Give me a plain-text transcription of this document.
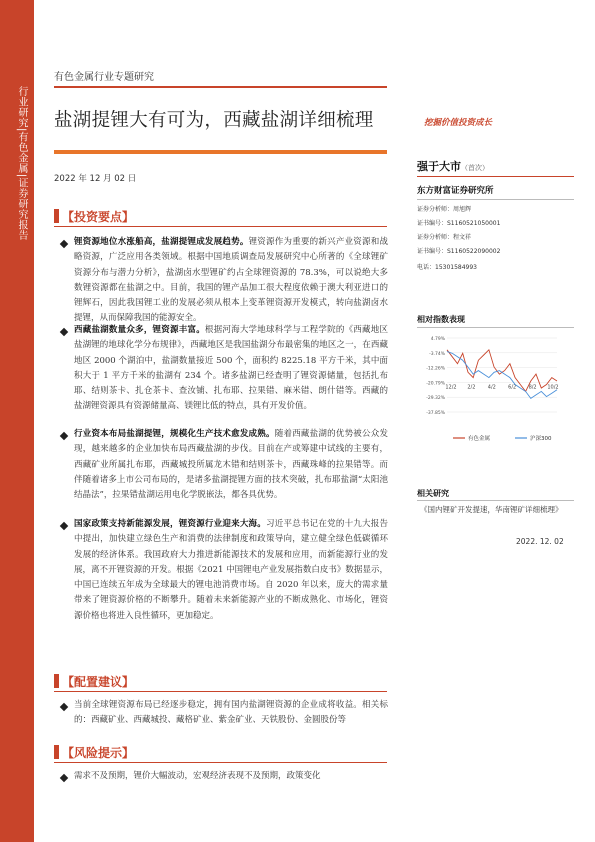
行业研究|有色金属|证券研究报告
有色金属行业专题研究
盐湖提锂大有可为，西藏盐湖详细梳理	挖掘价值投资成长
2022 年 12 月 02 日
【投资要点】
锂资源地位水涨船高，盐湖提锂成发展趋势。锂资源作为重要的新兴产业资源和战略资源，广泛应用各类领域。根据中国地质调查局发展研究中心所著的《全球锂矿资源分布与潜力分析》，盐湖卤水型锂矿约占全球锂资源的 78.3%，可以说绝大多数锂资源都在盐湖之中。目前，我国的锂产品加工很大程度依赖于澳大利亚进口的锂辉石，因此我国锂工业的发展必须从根本上变革锂资源开发模式，转向盐湖卤水提锂，从而保障我国的能源安全。
西藏盐湖数量众多，锂资源丰富。根据河海大学地球科学与工程学院的《西藏地区盐湖锂的地球化学分布规律》，西藏地区是我国盐湖分布最密集的地区之一，在西藏地区 2000 个湖泊中，盐湖数量接近 500 个，面积约 8225.18 平方千米，其中面积大于 1 平方千米的盐湖有 234 个。诸多盐湖已经查明了锂资源储量，包括扎布耶、结则茶卡、扎仓茶卡、查汝铺、扎布耶、拉果错、麻米错、朗什错等。西藏的盐湖锂资源具有资源储量高、镁锂比低的特点，具有开发价值。
行业资本布局盐湖提锂，规模化生产技术愈发成熟。随着西藏盐湖的优势被公众发现，越来越多的企业加快布局西藏盐湖的步伐。目前在产或筹建中试线的主要有，西藏矿业所属扎布耶，西藏城投所属龙木错和结则茶卡，西藏珠峰的拉果错等。而伴随着诸多上市公司布局的，是诸多盐湖提锂方面的技术突破，扎布耶盐湖“太阳池结晶法”，拉果错盐湖运用电化学脱嵌法，都各具优势。
国家政策支持新能源发展，锂资源行业迎来大海。习近平总书记在党的十九大报告中提出，加快建立绿色生产和消费的法律制度和政策导向，建立健全绿色低碳循环发展的经济体系。我国政府大力推进新能源技术的发展和应用，而新能源行业的发展，离不开锂资源的开发。根据《2021 中国锂电产业发展指数白皮书》数据显示，中国已连续五年成为全球最大的锂电池消费市场。自 2020 年以来，庞大的需求量带来了锂资源价格的不断攀升。随着未来新能源产业的不断成熟化、市场化，锂资源价格也将进入良性循环，更加稳定。
【配置建议】
当前全球锂资源布局已经逐步稳定，拥有国内盐湖锂资源的企业成将收益。相关标的：西藏矿业、西藏城投、藏格矿业、紫金矿业、天铁股份、金圆股份等
【风险提示】
需求不及预期，锂价大幅波动，宏观经济表现不及预期，政策变化
强于大市（首次）
东方财富证券研究所
证券分析师：周旭辉
证书编号：S1160521050001
证券分析师：程文祥
证书编号：S1160522090002
电话：15301584993
相对指数表现
4.79%
-3.74%
-12.26%
-20.79%
-29.32%
-37.85%
12/2 2/2 4/2 6/2 8/2 10/2
有色金属	沪深300
相关研究
《国内锂矿开发提速，华南锂矿详细梳理》
2022. 12. 02
